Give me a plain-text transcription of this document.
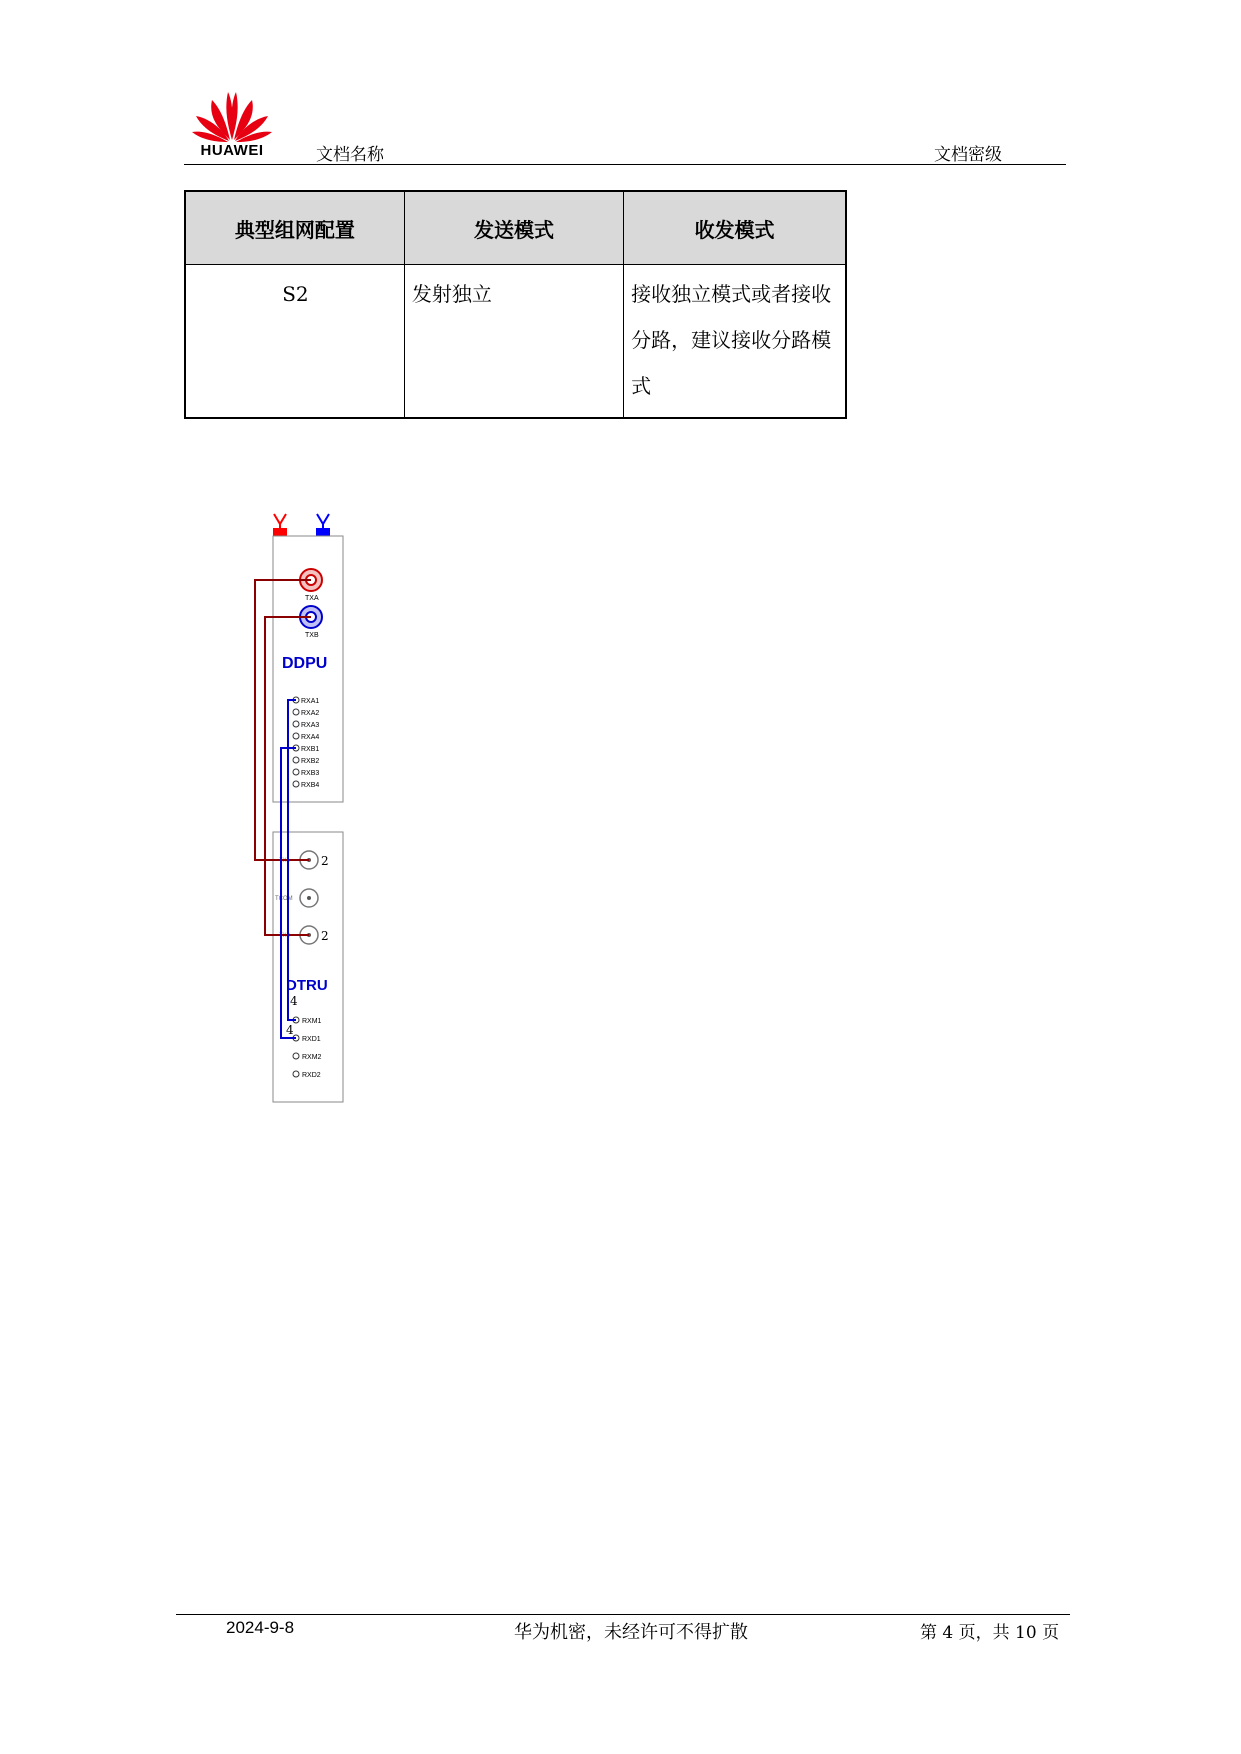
HUAWEI	文档名称	文档密级
典型组网配置	发送模式	收发模式
S2	发射独立	接收独立模式或者接收分路，建议接收分路模式
TXA
TXB
DDPU
RXA1
RXA2
RXA3
RXA4
RXB1
RXB2
RXB3
RXB4
TX1	2
TCOM
TX2	2
DTRU
4
4
RXM1
RXD1
RXM2
RXD2
2024-9-8	华为机密，未经许可不得扩散	第 4 页，共 10 页
